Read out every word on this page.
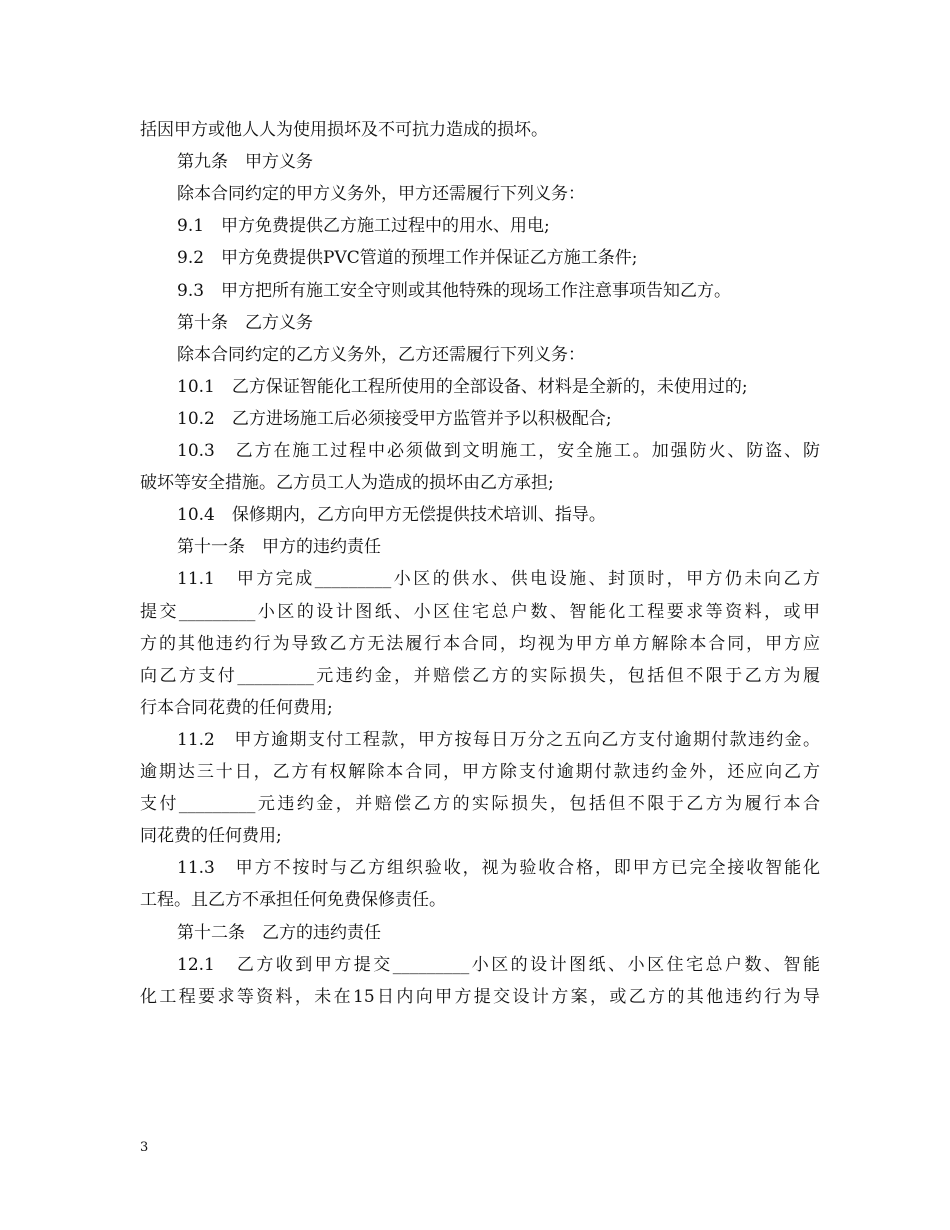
括因甲方或他人人为使用损坏及不可抗力造成的损坏。
第九条　甲方义务
除本合同约定的甲方义务外，甲方还需履行下列义务：
9.1　甲方免费提供乙方施工过程中的用水、用电;
9.2　甲方免费提供PVC管道的预埋工作并保证乙方施工条件;
9.3　甲方把所有施工安全守则或其他特殊的现场工作注意事项告知乙方。
第十条　乙方义务
除本合同约定的乙方义务外，乙方还需履行下列义务：
10.1　乙方保证智能化工程所使用的全部设备、材料是全新的，未使用过的;
10.2　乙方进场施工后必须接受甲方监管并予以积极配合;
10.3　乙方在施工过程中必须做到文明施工，安全施工。加强防火、防盗、防
破坏等安全措施。乙方员工人为造成的损坏由乙方承担;
10.4　保修期内，乙方向甲方无偿提供技术培训、指导。
第十一条　甲方的违约责任
11.1　甲方完成_________小区的供水、供电设施、封顶时，甲方仍未向乙方
提交_________小区的设计图纸、小区住宅总户数、智能化工程要求等资料，或甲
方的其他违约行为导致乙方无法履行本合同，均视为甲方单方解除本合同，甲方应
向乙方支付_________元违约金，并赔偿乙方的实际损失，包括但不限于乙方为履
行本合同花费的任何费用;
11.2　甲方逾期支付工程款，甲方按每日万分之五向乙方支付逾期付款违约金。
逾期达三十日，乙方有权解除本合同，甲方除支付逾期付款违约金外，还应向乙方
支付_________元违约金，并赔偿乙方的实际损失，包括但不限于乙方为履行本合
同花费的任何费用;
11.3　甲方不按时与乙方组织验收，视为验收合格，即甲方已完全接收智能化
工程。且乙方不承担任何免费保修责任。
第十二条　乙方的违约责任
12.1　乙方收到甲方提交_________小区的设计图纸、小区住宅总户数、智能
化工程要求等资料，未在15日内向甲方提交设计方案，或乙方的其他违约行为导
3
